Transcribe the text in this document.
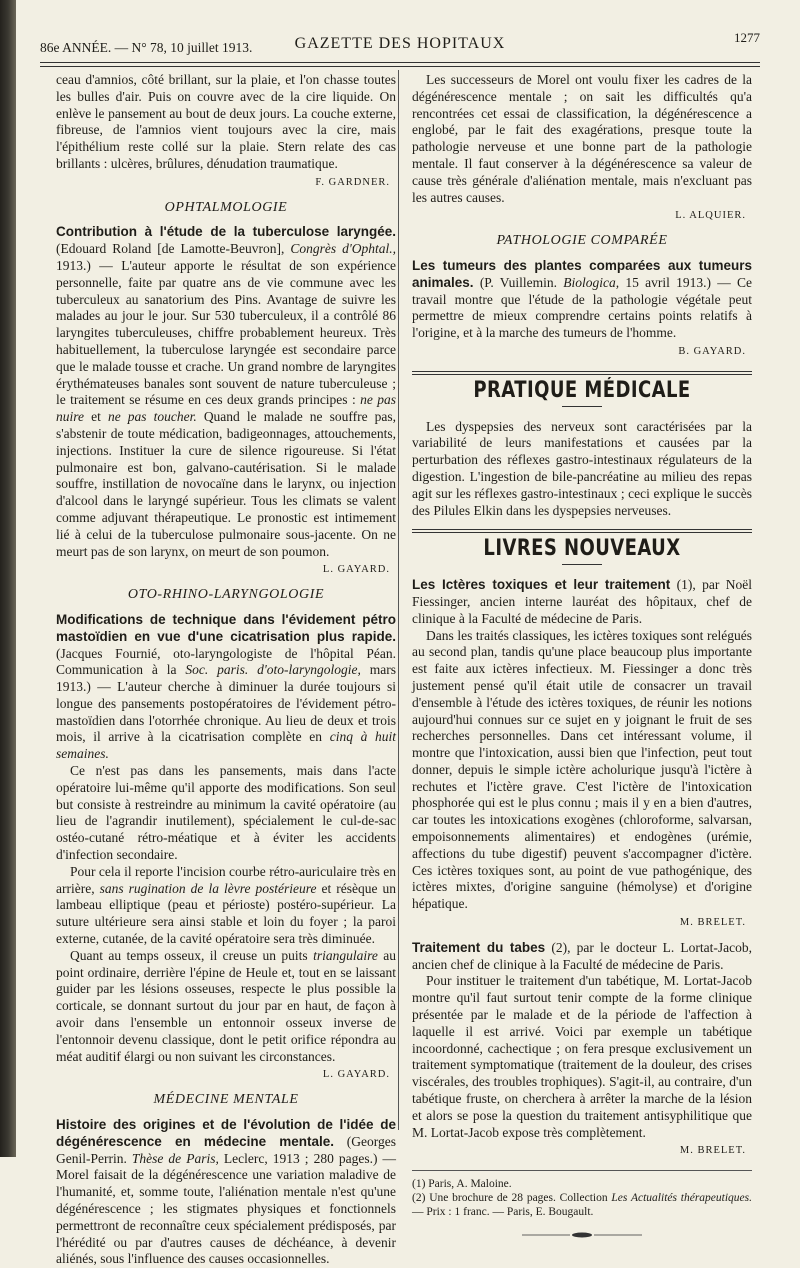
86e ANNÉE. — N° 78, 10 juillet 1913.	GAZETTE DES HOPITAUX	1277

ceau d'amnios, côté brillant, sur la plaie, et l'on chasse toutes les bulles d'air. Puis on couvre avec de la cire liquide. On enlève le pansement au bout de deux jours. La couche externe, fibreuse, de l'amnios vient toujours avec la cire, mais l'épithélium reste collé sur la plaie. Stern relate des cas brillants : ulcères, brûlures, dénudation traumatique.

F. GARDNER.
OPHTALMOLOGIE

Contribution à l'étude de la tuberculose laryngée. (Edouard Roland [de Lamotte-Beuvron], Congrès d'Ophtal., 1913.) — L'auteur apporte le résultat de son expérience personnelle, faite par quatre ans de vie commune avec les tuberculeux au sanatorium des Pins. Avantage de suivre les malades au jour le jour. Sur 530 tuberculeux, il a contrôlé 86 laryngites tuberculeuses, chiffre probablement heureux. Très habituellement, la tuberculose laryngée est secondaire parce que le malade tousse et crache. Un grand nombre de laryngites érythémateuses banales sont souvent de nature tuberculeuse ; le traitement se résume en ces deux grands principes : ne pas nuire et ne pas toucher. Quand le malade ne souffre pas, s'abstenir de toute médication, badigeonnages, attouchements, injections. Instituer la cure de silence rigoureuse. Si l'état pulmonaire est bon, galvano-cautérisation. Si le malade souffre, instillation de novocaïne dans le larynx, ou injection d'alcool dans le laryngé supérieur. Tous les climats se valent comme adjuvant thérapeutique. Le pronostic est intimement lié à celui de la tuberculose pulmonaire sous-jacente. On ne meurt pas de son larynx, on meurt de son poumon.

L. GAYARD.
OTO-RHINO-LARYNGOLOGIE

Modifications de technique dans l'évidement pétro mastoïdien en vue d'une cicatrisation plus rapide. (Jacques Fournié, oto-laryngologiste de l'hôpital Péan. Communication à la Soc. paris. d'oto-laryngologie, mars 1913.) — L'auteur cherche à diminuer la durée toujours si longue des pansements postopératoires de l'évidement pétro-mastoïdien dans l'otorrhée chronique. Au lieu de deux et trois mois, il arrive à la cicatrisation complète en cinq à huit semaines.

Ce n'est pas dans les pansements, mais dans l'acte opératoire lui-même qu'il apporte des modifications. Son seul but consiste à restreindre au minimum la cavité opératoire (au lieu de l'agrandir inutilement), spécialement le cul-de-sac ostéo-cutané rétro-méatique et à éviter les accidents d'infection secondaire.

Pour cela il reporte l'incision courbe rétro-auriculaire très en arrière, sans rugination de la lèvre postérieure et résèque un lambeau elliptique (peau et périoste) postéro-supérieur. La suture ultérieure sera ainsi stable et loin du foyer ; la paroi externe, cutanée, de la cavité opératoire sera très diminuée.

Quant au temps osseux, il creuse un puits triangulaire au point ordinaire, derrière l'épine de Heule et, tout en se laissant guider par les lésions osseuses, respecte le plus possible la corticale, se donnant surtout du jour par en haut, de façon à avoir dans l'ensemble un entonnoir osseux inverse de l'entonnoir devenu classique, dont le petit orifice répondra au méat auditif élargi ou non suivant les circonstances.

L. GAYARD.
MÉDECINE MENTALE

Histoire des origines et de l'évolution de l'idée de dégénérescence en médecine mentale. (Georges Genil-Perrin. Thèse de Paris, Leclerc, 1913 ; 280 pages.) — Morel faisait de la dégénérescence une variation maladive de l'humanité, et, somme toute, l'aliénation mentale n'est qu'une dégénérescence ; les stigmates physiques et fonctionnels permettront de reconnaître ceux spécialement prédisposés, par l'hérédité ou par d'autres causes de déchéance, à devenir aliénés, sous l'influence des causes occasionnelles.

Les successeurs de Morel ont voulu fixer les cadres de la dégénérescence mentale ; on sait les difficultés qu'a rencontrées cet essai de classification, la dégénérescence a englobé, par le fait des exagérations, presque toute la pathologie nerveuse et une bonne part de la pathologie mentale. Il faut conserver à la dégénérescence sa valeur de cause très générale d'aliénation mentale, mais n'excluant pas les autres causes.

L. ALQUIER.
PATHOLOGIE COMPARÉE

Les tumeurs des plantes comparées aux tumeurs animales. (P. Vuillemin. Biologica, 15 avril 1913.) — Ce travail montre que l'étude de la pathologie végétale peut permettre de mieux comprendre certains points relatifs à l'origine, et à la marche des tumeurs de l'homme.

B. GAYARD.
PRATIQUE MÉDICALE

Les dyspepsies des nerveux sont caractérisées par la variabilité de leurs manifestations et causées par la perturbation des réflexes gastro-intestinaux régulateurs de la digestion. L'ingestion de bile-pancréatine au milieu des repas agit sur les réflexes gastro-intestinaux ; ceci explique le succès des Pilules Elkin dans les dyspepsies nerveuses.

LIVRES NOUVEAUX

Les Ictères toxiques et leur traitement (1), par Noël Fiessinger, ancien interne lauréat des hôpitaux, chef de clinique à la Faculté de médecine de Paris.

Dans les traités classiques, les ictères toxiques sont relégués au second plan, tandis qu'une place beaucoup plus importante est faite aux ictères infectieux. M. Fiessinger a donc très justement pensé qu'il était utile de consacrer un travail d'ensemble à l'étude des ictères toxiques, de réunir les notions aujourd'hui connues sur ce sujet en y joignant le fruit de ses recherches personnelles. Dans cet intéressant volume, il montre que l'intoxication, aussi bien que l'infection, peut tout donner, depuis le simple ictère acholurique jusqu'à l'ictère à rechutes et l'ictère grave. C'est l'ictère de l'intoxication phosphorée qui est le plus connu ; mais il y en a bien d'autres, car toutes les intoxications exogènes (chloroforme, salvarsan, empoisonnements alimentaires) et endogènes (urémie, affections du tube digestif) peuvent s'accompagner d'ictère. Ces ictères toxiques sont, au point de vue pathogénique, des ictères mixtes, d'origine sanguine (hémolyse) et d'origine hépatique.

M. BRELET.

Traitement du tabes (2), par le docteur L. Lortat-Jacob, ancien chef de clinique à la Faculté de médecine de Paris.

Pour instituer le traitement d'un tabétique, M. Lortat-Jacob montre qu'il faut surtout tenir compte de la forme clinique présentée par le malade et de la période de l'affection à laquelle il est arrivé. Voici par exemple un tabétique incoordonné, cachectique ; on fera presque exclusivement un traitement symptomatique (traitement de la douleur, des crises viscérales, des troubles trophiques). S'agit-il, au contraire, d'un tabétique fruste, on cherchera à arrêter la marche de la lésion et alors se pose la question du traitement antisyphilitique que M. Lortat-Jacob expose très complètement.

M. BRELET.
(1) Paris, A. Maloine.
(2) Une brochure de 28 pages. Collection Les Actualités thérapeutiques. — Prix : 1 franc. — Paris, E. Bougault.
